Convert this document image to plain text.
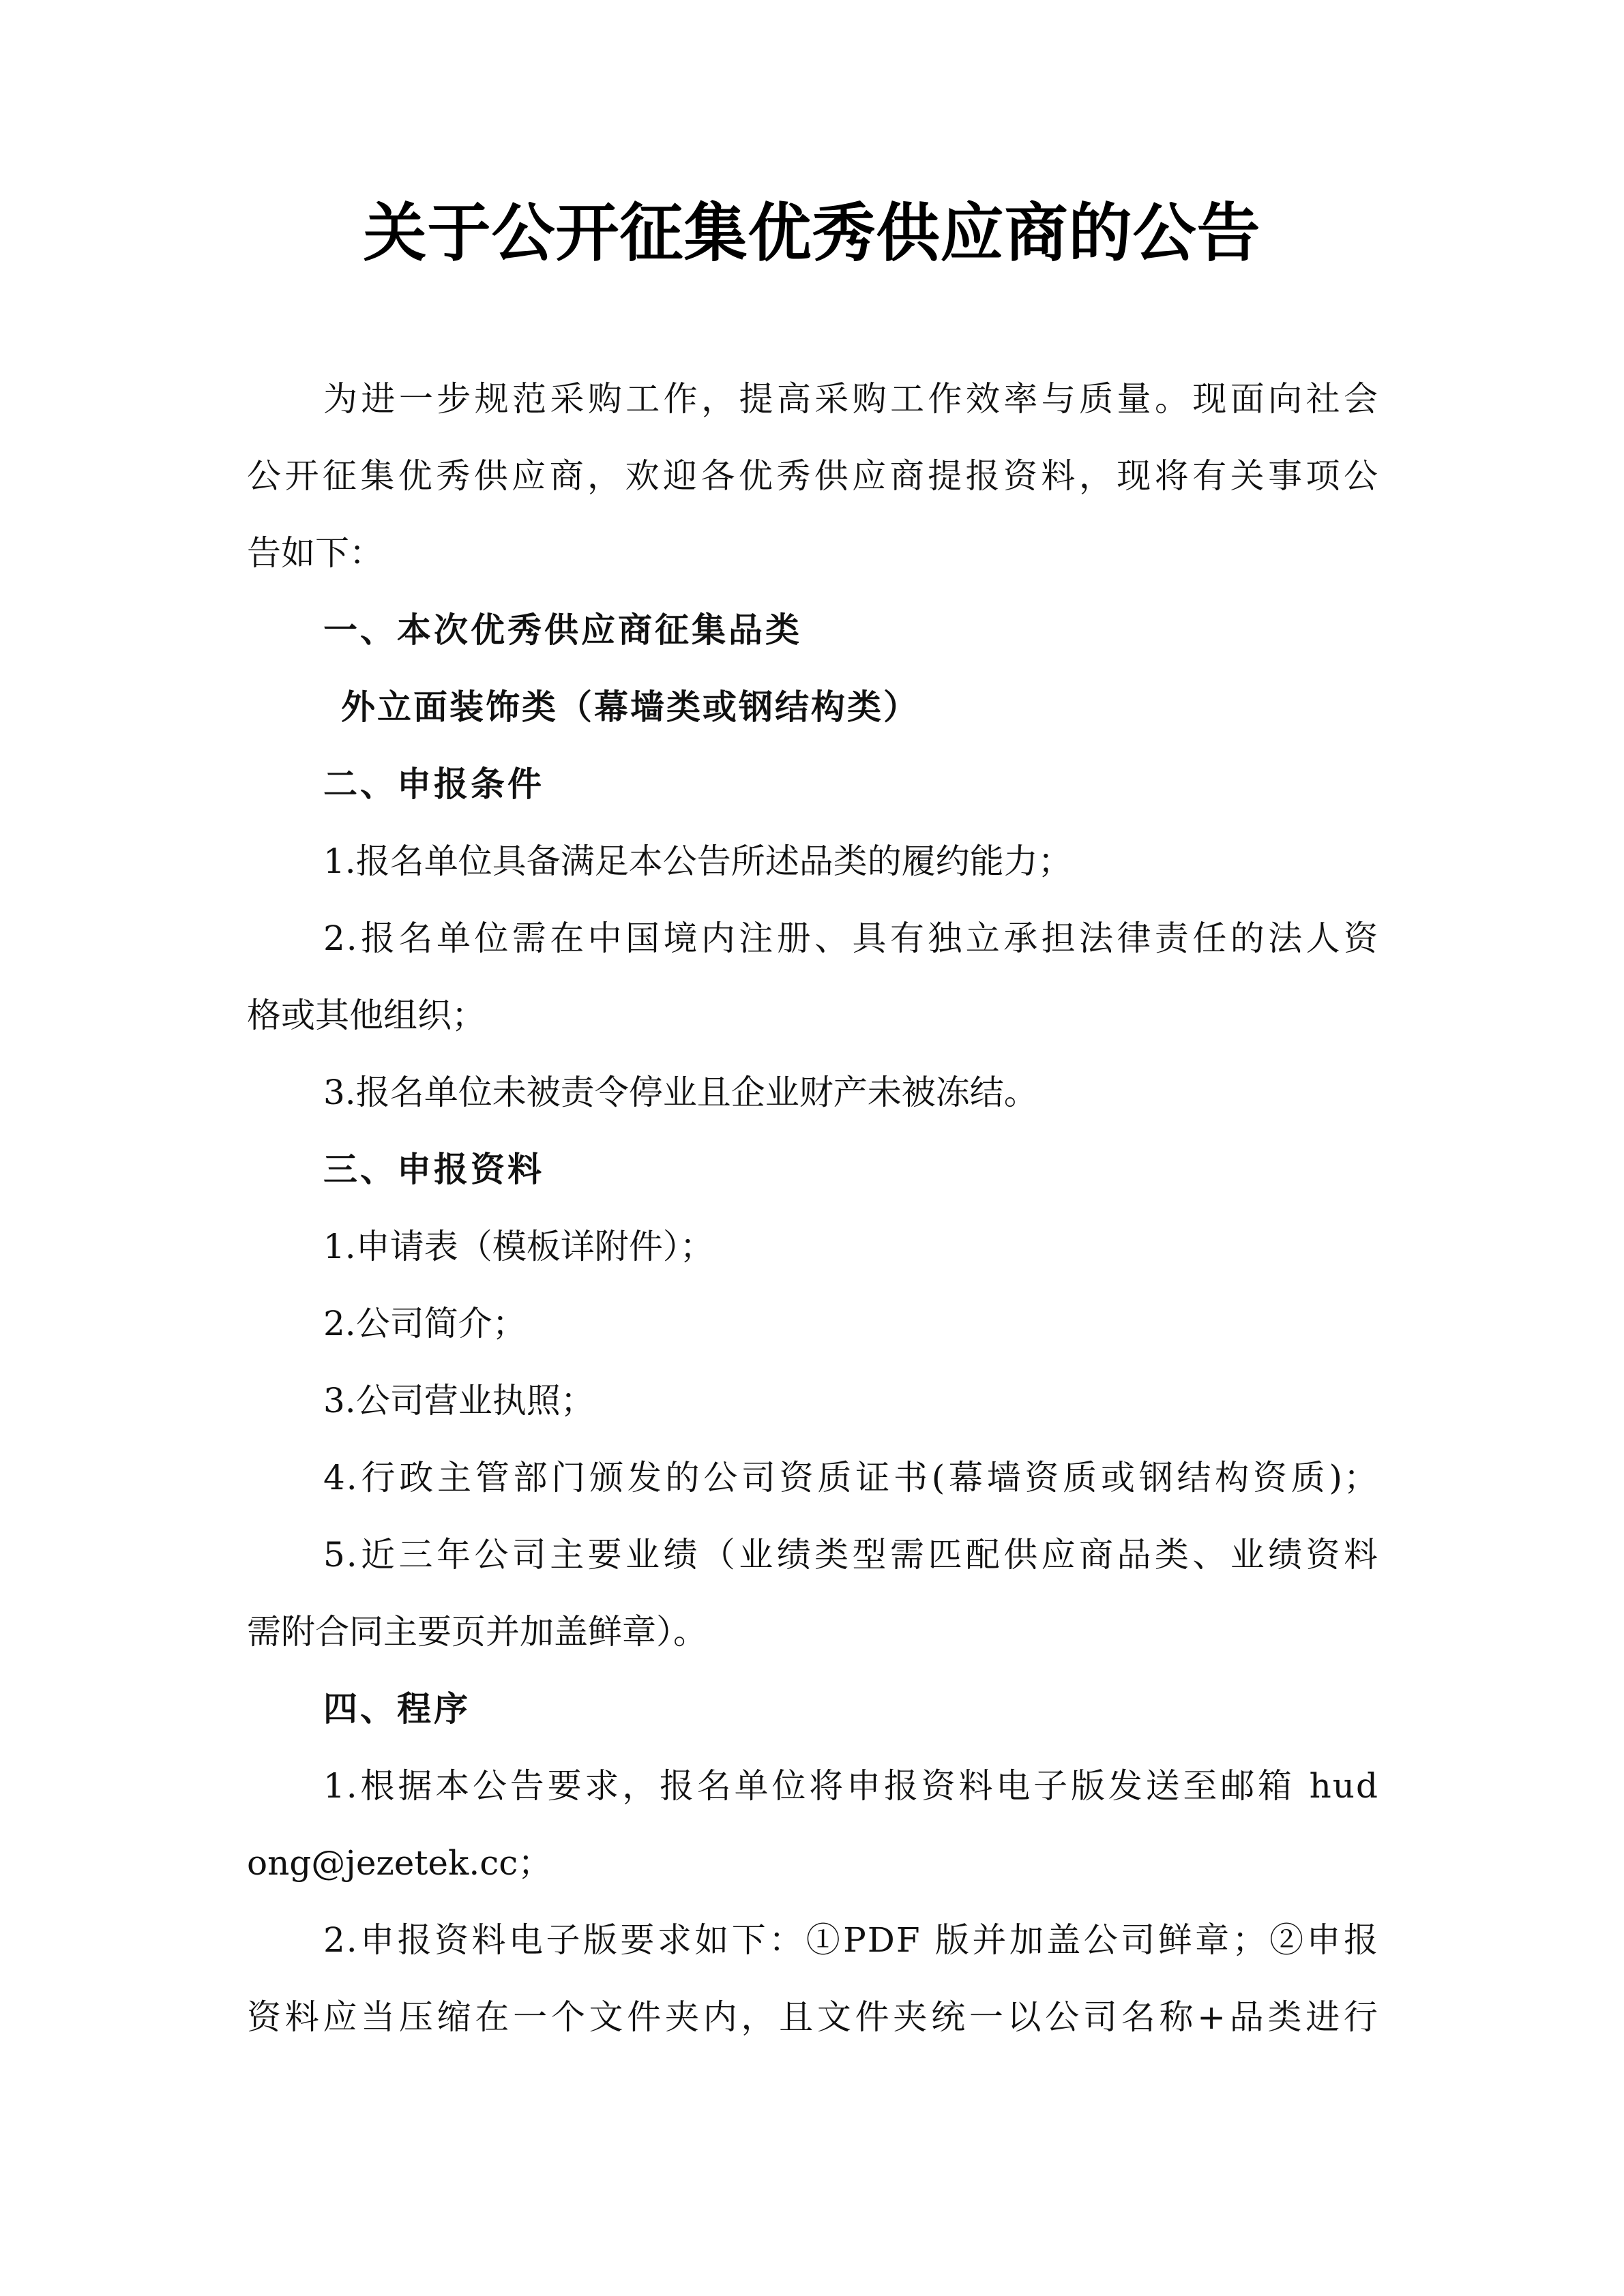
关于公开征集优秀供应商的公告
为进一步规范采购工作，提高采购工作效率与质量。现面向社会
公开征集优秀供应商，欢迎各优秀供应商提报资料，现将有关事项公
告如下：
一、本次优秀供应商征集品类
外立面装饰类（幕墙类或钢结构类）
二、申报条件
1.报名单位具备满足本公告所述品类的履约能力；
2.报名单位需在中国境内注册、具有独立承担法律责任的法人资
格或其他组织；
3.报名单位未被责令停业且企业财产未被冻结。
三、申报资料
1.申请表（模板详附件）；
2.公司简介；
3.公司营业执照；
4.行政主管部门颁发的公司资质证书(幕墙资质或钢结构资质)；
5.近三年公司主要业绩（业绩类型需匹配供应商品类、业绩资料
需附合同主要页并加盖鲜章）。
四、程序
1.根据本公告要求，报名单位将申报资料电子版发送至邮箱 hud
ong@jezetek.cc；
2.申报资料电子版要求如下：①PDF 版并加盖公司鲜章；②申报
资料应当压缩在一个文件夹内，且文件夹统一以公司名称+品类进行
